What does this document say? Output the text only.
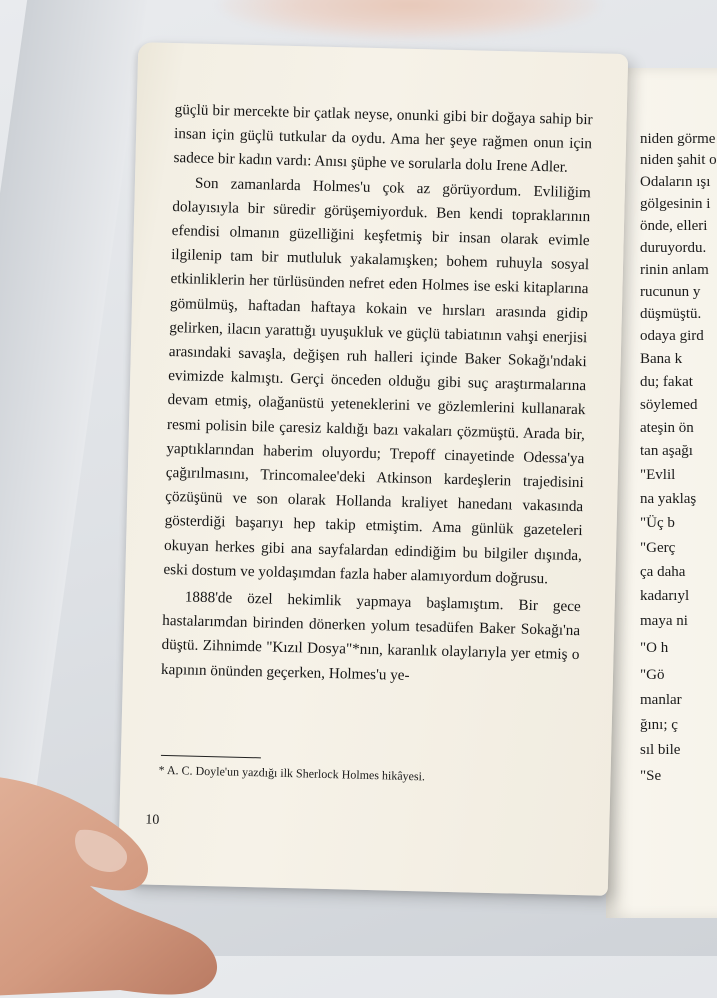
niden görme
niden şahit o
Odaların ışı
gölgesinin i
önde, elleri
duruyordu.
rinin anlam
rucunun y
düşmüştü.
odaya gird
Bana k
du; fakat
söylemed
ateşin ön
tan aşağı
"Evlil
na yaklaş
"Üç b
"Gerç
ça daha
kadarıyl
maya ni
"O h
"Gö
manlar
ğını; ç
sıl bile
"Se

güçlü bir mercekte bir çatlak neyse, onunki gibi bir doğaya sahip bir insan için güçlü tutkular da oydu. Ama her şeye rağmen onun için sadece bir kadın vardı: Anısı şüphe ve sorularla dolu Irene Adler.

Son zamanlarda Holmes'u çok az görüyordum. Evliliğim dolayısıyla bir süredir görüşemiyorduk. Ben kendi topraklarının efendisi olmanın güzelliğini keşfetmiş bir insan olarak evimle ilgilenip tam bir mutluluk yakalamışken; bohem ruhuyla sosyal etkinliklerin her türlüsünden nefret eden Holmes ise eski kitaplarına gömülmüş, haftadan haftaya kokain ve hırsları arasında gidip gelirken, ilacın yarattığı uyuşukluk ve güçlü tabiatının vahşi enerjisi arasındaki savaşla, değişen ruh halleri içinde Baker Sokağı'ndaki evimizde kalmıştı. Gerçi önceden olduğu gibi suç araştırmalarına devam etmiş, olağanüstü yeteneklerini ve gözlemlerini kullanarak resmi polisin bile çaresiz kaldığı bazı vakaları çözmüştü. Arada bir, yaptıklarından haberim oluyordu; Trepoff cinayetinde Odessa'ya çağırılmasını, Trincomalee'deki Atkinson kardeşlerin trajedisini çözüşünü ve son olarak Hollanda kraliyet hanedanı vakasında gösterdiği başarıyı hep takip etmiştim. Ama günlük gazeteleri okuyan herkes gibi ana sayfalardan edindiğim bu bilgiler dışında, eski dostum ve yoldaşımdan fazla haber alamıyordum doğrusu.

1888'de özel hekimlik yapmaya başlamıştım. Bir gece hastalarımdan birinden dönerken yolum tesadüfen Baker Sokağı'na düştü. Zihnimde "Kızıl Dosya"*nın, karanlık olaylarıyla yer etmiş o kapının önünden geçerken, Holmes'u ye-

* A. C. Doyle'un yazdığı ilk Sherlock Holmes hikâyesi.
10
